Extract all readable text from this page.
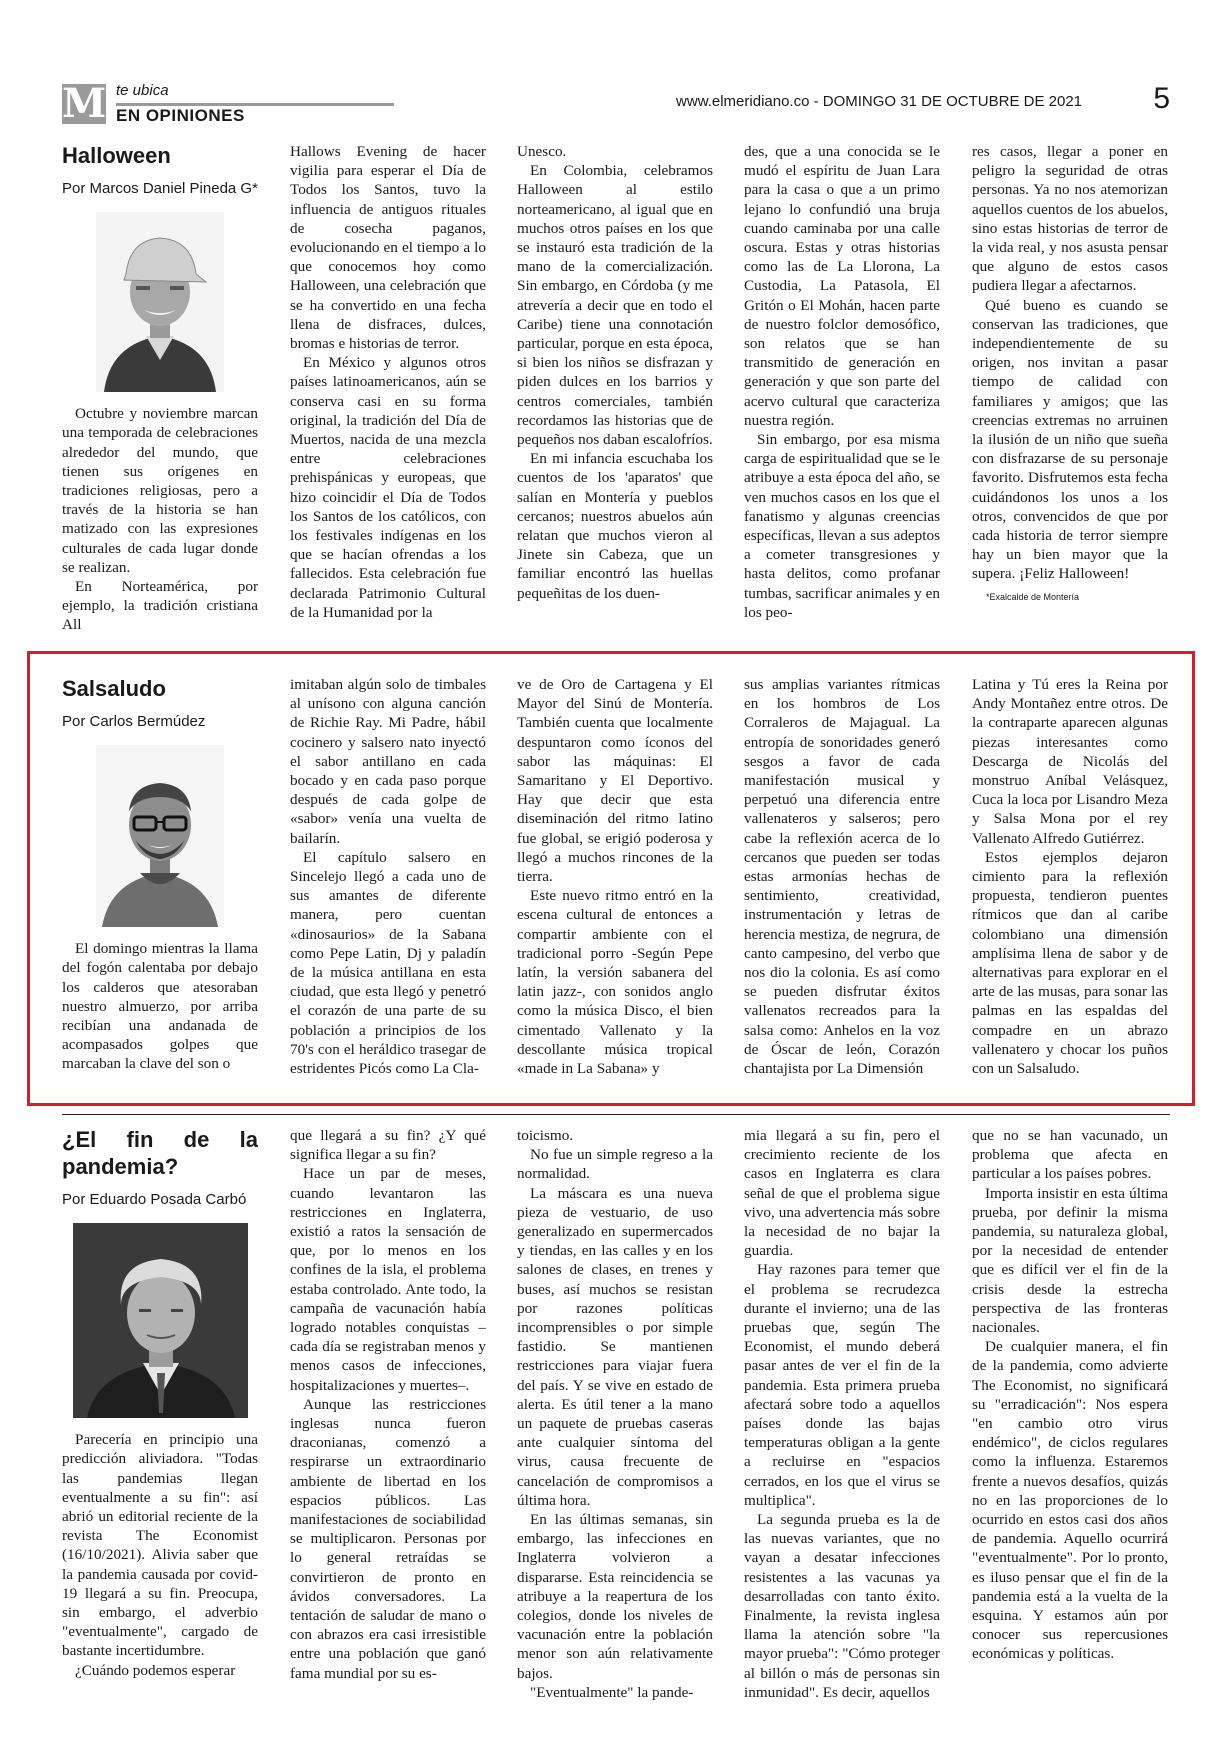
M te ubica
EN OPINIONES
www.elmeridiano.co - DOMINGO 31 DE OCTUBRE DE 2021 5
Halloween
Por Marcos Daniel Pineda G*

Octubre y noviembre marcan una temporada de celebraciones alrededor del mundo, que tienen sus orígenes en tradiciones religiosas, pero a través de la historia se han matizado con las expresiones culturales de cada lugar donde se realizan.

En Norteamérica, por ejemplo, la tradición cristiana All

Hallows Evening de hacer vigilia para esperar el Día de Todos los Santos, tuvo la influencia de antiguos rituales de cosecha paganos, evolucionando en el tiempo a lo que conocemos hoy como Halloween, una celebración que se ha convertido en una fecha llena de disfraces, dulces, bromas e historias de terror.

En México y algunos otros países latinoamericanos, aún se conserva casi en su forma original, la tradición del Día de Muertos, nacida de una mezcla entre celebraciones prehispánicas y europeas, que hizo coincidir el Día de Todos los Santos de los católicos, con los festivales indígenas en los que se hacían ofrendas a los fallecidos. Esta celebración fue declarada Patrimonio Cultural de la Humanidad por la

Unesco.

En Colombia, celebramos Halloween al estilo norteamericano, al igual que en muchos otros países en los que se instauró esta tradición de la mano de la comercialización. Sin embargo, en Córdoba (y me atrevería a decir que en todo el Caribe) tiene una connotación particular, porque en esta época, si bien los niños se disfrazan y piden dulces en los barrios y centros comerciales, también recordamos las historias que de pequeños nos daban escalofríos.

En mi infancia escuchaba los cuentos de los 'aparatos' que salían en Montería y pueblos cercanos; nuestros abuelos aún relatan que muchos vieron al Jinete sin Cabeza, que un familiar encontró las huellas pequeñitas de los duen-

des, que a una conocida se le mudó el espíritu de Juan Lara para la casa o que a un primo lejano lo confundió una bruja cuando caminaba por una calle oscura. Estas y otras historias como las de La Llorona, La Custodia, La Patasola, El Gritón o El Mohán, hacen parte de nuestro folclor demosófico, son relatos que se han transmitido de generación en generación y que son parte del acervo cultural que caracteriza nuestra región.

Sin embargo, por esa misma carga de espiritualidad que se le atribuye a esta época del año, se ven muchos casos en los que el fanatismo y algunas creencias específicas, llevan a sus adeptos a cometer transgresiones y hasta delitos, como profanar tumbas, sacrificar animales y en los peo-

res casos, llegar a poner en peligro la seguridad de otras personas. Ya no nos atemorizan aquellos cuentos de los abuelos, sino estas historias de terror de la vida real, y nos asusta pensar que alguno de estos casos pudiera llegar a afectarnos.

Qué bueno es cuando se conservan las tradiciones, que independientemente de su origen, nos invitan a pasar tiempo de calidad con familiares y amigos; que las creencias extremas no arruinen la ilusión de un niño que sueña con disfrazarse de su personaje favorito. Disfrutemos esta fecha cuidándonos los unos a los otros, convencidos de que por cada historia de terror siempre hay un bien mayor que la supera. ¡Feliz Halloween!

*Exalcalde de Montería

Salsaludo
Por Carlos Bermúdez

El domingo mientras la llama del fogón calentaba por debajo los calderos que atesoraban nuestro almuerzo, por arriba recibían una andanada de acompasados golpes que marcaban la clave del son o

imitaban algún solo de timbales al unísono con alguna canción de Richie Ray. Mi Padre, hábil cocinero y salsero nato inyectó el sabor antillano en cada bocado y en cada paso porque después de cada golpe de «sabor» venía una vuelta de bailarín.

El capítulo salsero en Sincelejo llegó a cada uno de sus amantes de diferente manera, pero cuentan «dinosaurios» de la Sabana como Pepe Latin, Dj y paladín de la música antillana en esta ciudad, que esta llegó y penetró el corazón de una parte de su población a principios de los 70's con el heráldico trasegar de estridentes Picós como La Cla-

ve de Oro de Cartagena y El Mayor del Sinú de Montería. También cuenta que localmente despuntaron como íconos del sabor las máquinas: El Samaritano y El Deportivo. Hay que decir que esta diseminación del ritmo latino fue global, se erigió poderosa y llegó a muchos rincones de la tierra.

Este nuevo ritmo entró en la escena cultural de entonces a compartir ambiente con el tradicional porro -Según Pepe latín, la versión sabanera del latin jazz-, con sonidos anglo como la música Disco, el bien cimentado Vallenato y la descollante música tropical «made in La Sabana» y

sus amplias variantes rítmicas en los hombros de Los Corraleros de Majagual. La entropía de sonoridades generó sesgos a favor de cada manifestación musical y perpetuó una diferencia entre vallenateros y salseros; pero cabe la reflexión acerca de lo cercanos que pueden ser todas estas armonías hechas de sentimiento, creatividad, instrumentación y letras de herencia mestiza, de negrura, de canto campesino, del verbo que nos dio la colonia. Es así como se pueden disfrutar éxitos vallenatos recreados para la salsa como: Anhelos en la voz de Óscar de león, Corazón chantajista por La Dimensión

Latina y Tú eres la Reina por Andy Montañez entre otros. De la contraparte aparecen algunas piezas interesantes como Descarga de Nicolás del monstruo Aníbal Velásquez, Cuca la loca por Lisandro Meza y Salsa Mona por el rey Vallenato Alfredo Gutiérrez.

Estos ejemplos dejaron cimiento para la reflexión propuesta, tendieron puentes rítmicos que dan al caribe colombiano una dimensión amplísima llena de sabor y de alternativas para explorar en el arte de las musas, para sonar las palmas en las espaldas del compadre en un abrazo vallenatero y chocar los puños con un Salsaludo.

¿El fin de la pandemia?
Por Eduardo Posada Carbó

Parecería en principio una predicción aliviadora. "Todas las pandemias llegan eventualmente a su fin": así abrió un editorial reciente de la revista The Economist (16/10/2021). Alivia saber que la pandemia causada por covid-19 llegará a su fin. Preocupa, sin embargo, el adverbio "eventualmente", cargado de bastante incertidumbre.

¿Cuándo podemos esperar

que llegará a su fin? ¿Y qué significa llegar a su fin?

Hace un par de meses, cuando levantaron las restricciones en Inglaterra, existió a ratos la sensación de que, por lo menos en los confines de la isla, el problema estaba controlado. Ante todo, la campaña de vacunación había logrado notables conquistas –cada día se registraban menos y menos casos de infecciones, hospitalizaciones y muertes–.

Aunque las restricciones inglesas nunca fueron draconianas, comenzó a respirarse un extraordinario ambiente de libertad en los espacios públicos. Las manifestaciones de sociabilidad se multiplicaron. Personas por lo general retraídas se convirtieron de pronto en ávidos conversadores. La tentación de saludar de mano o con abrazos era casi irresistible entre una población que ganó fama mundial por su es-

toicismo.

No fue un simple regreso a la normalidad.

La máscara es una nueva pieza de vestuario, de uso generalizado en supermercados y tiendas, en las calles y en los salones de clases, en trenes y buses, así muchos se resistan por razones políticas incomprensibles o por simple fastidio. Se mantienen restricciones para viajar fuera del país. Y se vive en estado de alerta. Es útil tener a la mano un paquete de pruebas caseras ante cualquier síntoma del virus, causa frecuente de cancelación de compromisos a última hora.

En las últimas semanas, sin embargo, las infecciones en Inglaterra volvieron a dispararse. Esta reincidencia se atribuye a la reapertura de los colegios, donde los niveles de vacunación entre la población menor son aún relativamente bajos.

"Eventualmente" la pande-

mia llegará a su fin, pero el crecimiento reciente de los casos en Inglaterra es clara señal de que el problema sigue vivo, una advertencia más sobre la necesidad de no bajar la guardia.

Hay razones para temer que el problema se recrudezca durante el invierno; una de las pruebas que, según The Economist, el mundo deberá pasar antes de ver el fin de la pandemia. Esta primera prueba afectará sobre todo a aquellos países donde las bajas temperaturas obligan a la gente a recluirse en "espacios cerrados, en los que el virus se multiplica".

La segunda prueba es la de las nuevas variantes, que no vayan a desatar infecciones resistentes a las vacunas ya desarrolladas con tanto éxito. Finalmente, la revista inglesa llama la atención sobre "la mayor prueba": "Cómo proteger al billón o más de personas sin inmunidad". Es decir, aquellos

que no se han vacunado, un problema que afecta en particular a los países pobres.

Importa insistir en esta última prueba, por definir la misma pandemia, su naturaleza global, por la necesidad de entender que es difícil ver el fin de la crisis desde la estrecha perspectiva de las fronteras nacionales.

De cualquier manera, el fin de la pandemia, como advierte The Economist, no significará su "erradicación": Nos espera "en cambio otro virus endémico", de ciclos regulares como la influenza. Estaremos frente a nuevos desafíos, quizás no en las proporciones de lo ocurrido en estos casi dos años de pandemia. Aquello ocurrirá "eventualmente". Por lo pronto, es iluso pensar que el fin de la pandemia está a la vuelta de la esquina. Y estamos aún por conocer sus repercusiones económicas y políticas.
